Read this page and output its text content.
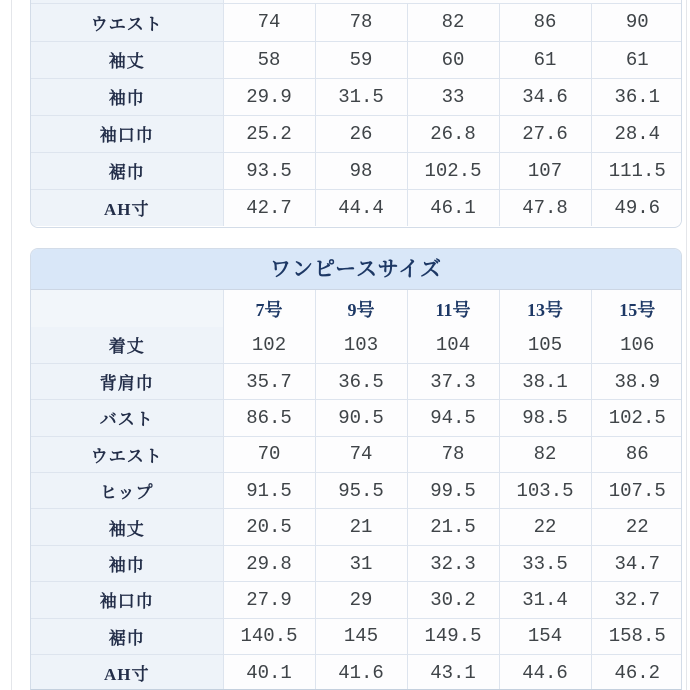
ウエスト	74	78	82	86	90
袖丈	58	59	60	61	61
袖巾	29.9	31.5	33	34.6	36.1
袖口巾	25.2	26	26.8	27.6	28.4
裾巾	93.5	98	102.5	107	111.5
AH寸	42.7	44.4	46.1	47.8	49.6
ワンピースサイズ
	7号	9号	11号	13号	15号
着丈	102	103	104	105	106
背肩巾	35.7	36.5	37.3	38.1	38.9
バスト	86.5	90.5	94.5	98.5	102.5
ウエスト	70	74	78	82	86
ヒップ	91.5	95.5	99.5	103.5	107.5
袖丈	20.5	21	21.5	22	22
袖巾	29.8	31	32.3	33.5	34.7
袖口巾	27.9	29	30.2	31.4	32.7
裾巾	140.5	145	149.5	154	158.5
AH寸	40.1	41.6	43.1	44.6	46.2
